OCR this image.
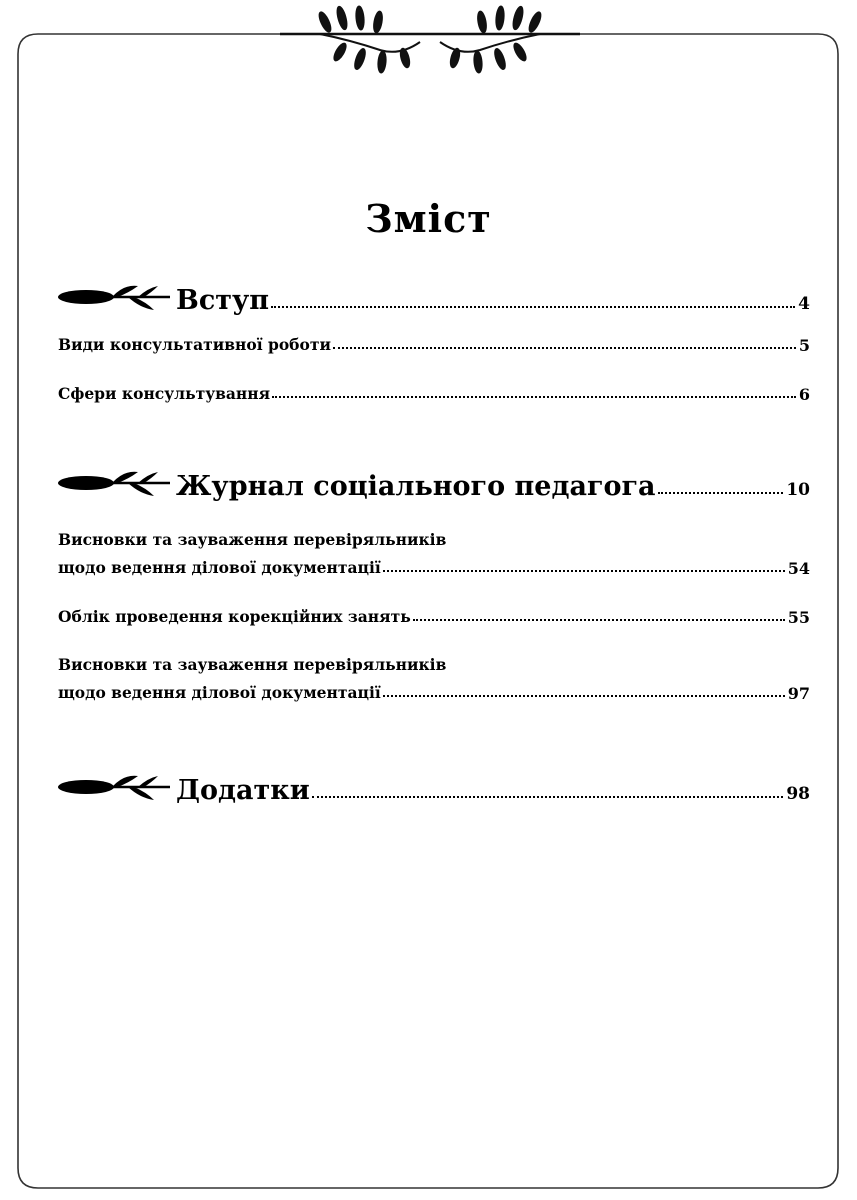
Зміст
Вступ	4
Види консультативної роботи	5
Сфери консультування	6
Журнал соціального педагога	10
Висновки та зауваження перевіряльників
щодо ведення ділової документації	54
Облік проведення корекційних занять	55
Висновки та зауваження перевіряльників
щодо ведення ділової документації	97
Додатки	98
